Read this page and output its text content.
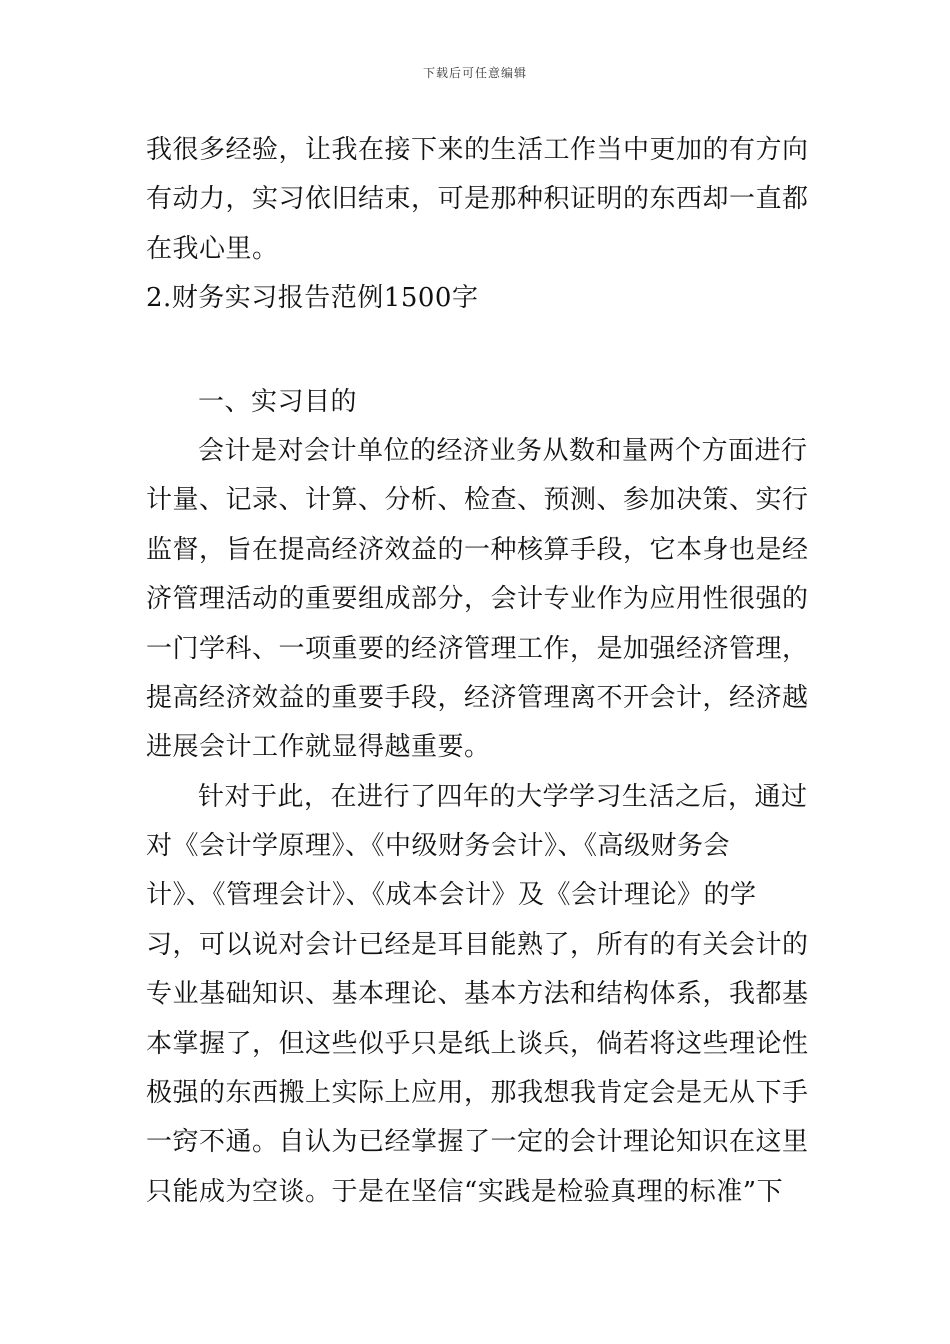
下载后可任意编辑
我很多经验，让我在接下来的生活工作当中更加的有方向
有动力，实习依旧结束，可是那种积证明的东西却一直都
在我心里。
2.财务实习报告范例1500字
一、实习目的
会计是对会计单位的经济业务从数和量两个方面进行
计量、记录、计算、分析、检查、预测、参加决策、实行
监督，旨在提高经济效益的一种核算手段，它本身也是经
济管理活动的重要组成部分，会计专业作为应用性很强的
一门学科、一项重要的经济管理工作，是加强经济管理，
提高经济效益的重要手段，经济管理离不开会计，经济越
进展会计工作就显得越重要。
针对于此，在进行了四年的大学学习生活之后，通过
对《会计学原理》、《中级财务会计》、《高级财务会
计》、《管理会计》、《成本会计》及《会计理论》的学
习，可以说对会计已经是耳目能熟了，所有的有关会计的
专业基础知识、基本理论、基本方法和结构体系，我都基
本掌握了，但这些似乎只是纸上谈兵，倘若将这些理论性
极强的东西搬上实际上应用，那我想我肯定会是无从下手
一窍不通。自认为已经掌握了一定的会计理论知识在这里
只能成为空谈。于是在坚信“实践是检验真理的标准”下
